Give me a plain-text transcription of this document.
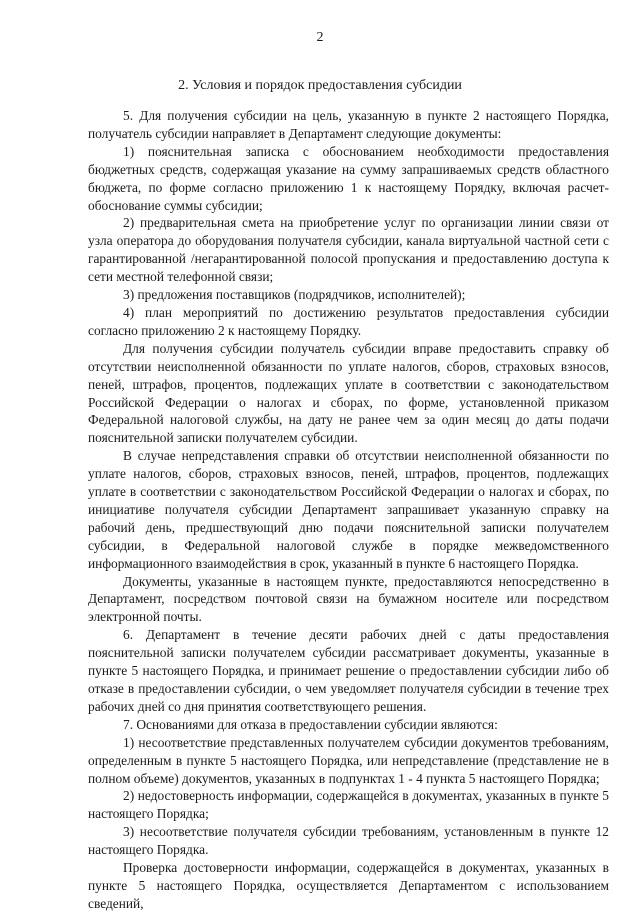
2
2. Условия и порядок предоставления субсидии

5. Для получения субсидии на цель, указанную в пункте 2 настоящего Порядка, получатель субсидии направляет в Департамент следующие документы:

1) пояснительная записка с обоснованием необходимости предоставления бюджетных средств, содержащая указание на сумму запрашиваемых средств областного бюджета, по форме согласно приложению 1 к настоящему Порядку, включая расчет-обоснование суммы субсидии;

2) предварительная смета на приобретение услуг по организации линии связи от узла оператора до оборудования получателя субсидии, канала виртуальной частной сети с гарантированной /негарантированной полосой пропускания и предоставлению доступа к сети местной телефонной связи;

3) предложения поставщиков (подрядчиков, исполнителей);

4) план мероприятий по достижению результатов предоставления субсидии согласно приложению 2 к настоящему Порядку.

Для получения субсидии получатель субсидии вправе предоставить справку об отсутствии неисполненной обязанности по уплате налогов, сборов, страховых взносов, пеней, штрафов, процентов, подлежащих уплате в соответствии с законодательством Российской Федерации о налогах и сборах, по форме, установленной приказом Федеральной налоговой службы, на дату не ранее чем за один месяц до даты подачи пояснительной записки получателем субсидии.

В случае непредставления справки об отсутствии неисполненной обязанности по уплате налогов, сборов, страховых взносов, пеней, штрафов, процентов, подлежащих уплате в соответствии с законодательством Российской Федерации о налогах и сборах, по инициативе получателя субсидии Департамент запрашивает указанную справку на рабочий день, предшествующий дню подачи пояснительной записки получателем субсидии, в Федеральной налоговой службе в порядке межведомственного информационного взаимодействия в срок, указанный в пункте 6 настоящего Порядка.

Документы, указанные в настоящем пункте, предоставляются непосредственно в Департамент, посредством почтовой связи на бумажном носителе или посредством электронной почты.

6. Департамент в течение десяти рабочих дней с даты предоставления пояснительной записки получателем субсидии рассматривает документы, указанные в пункте 5 настоящего Порядка, и принимает решение о предоставлении субсидии либо об отказе в предоставлении субсидии, о чем уведомляет получателя субсидии в течение трех рабочих дней со дня принятия соответствующего решения.

7. Основаниями для отказа в предоставлении субсидии являются:

1) несоответствие представленных получателем субсидии документов требованиям, определенным в пункте 5 настоящего Порядка, или непредставление (представление не в полном объеме) документов, указанных в подпунктах 1 - 4 пункта 5 настоящего Порядка;

2) недостоверность информации, содержащейся в документах, указанных в пункте 5 настоящего Порядка;

3) несоответствие получателя субсидии требованиям, установленным в пункте 12 настоящего Порядка.

Проверка достоверности информации, содержащейся в документах, указанных в пункте 5 настоящего Порядка, осуществляется Департаментом с использованием сведений,
